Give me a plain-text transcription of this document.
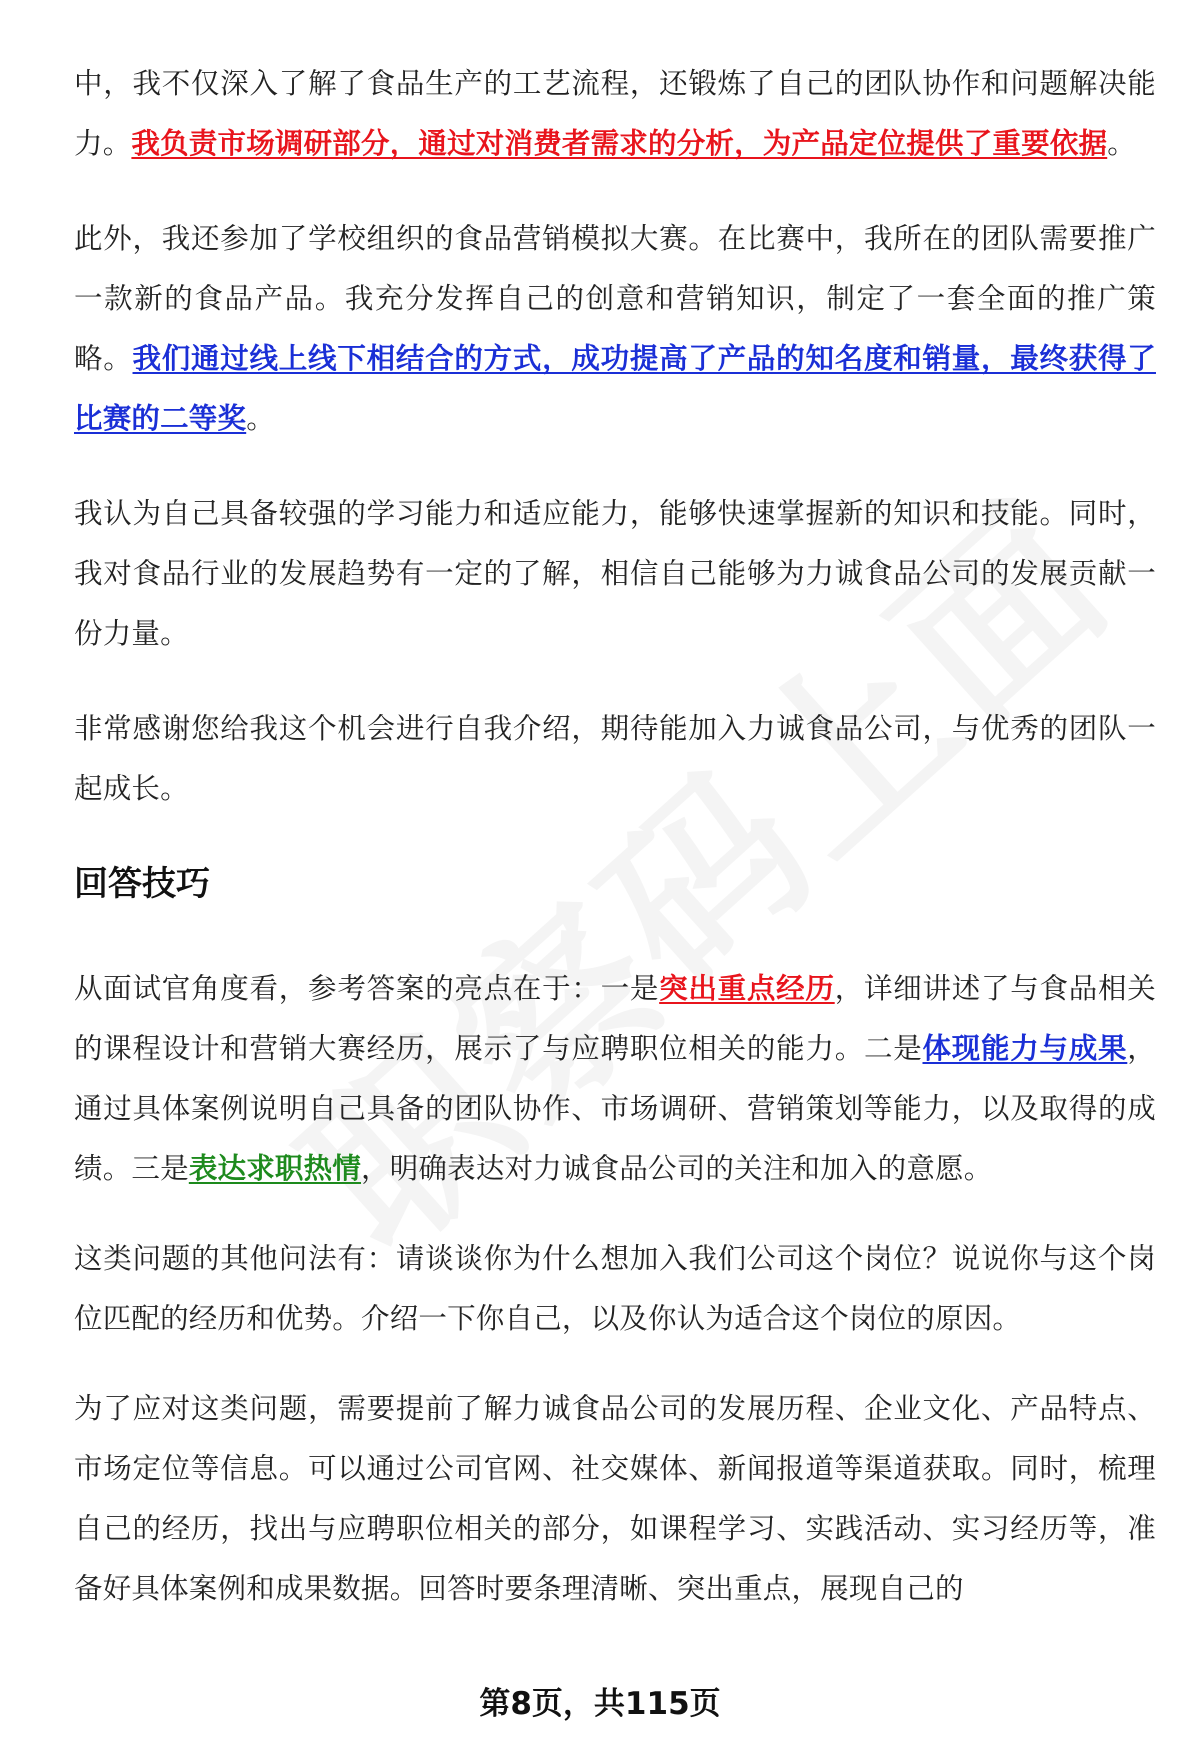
中，我不仅深入了解了食品生产的工艺流程，还锻炼了自己的团队协作和问题解决能力。我负责市场调研部分，通过对消费者需求的分析，为产品定位提供了重要依据。

此外，我还参加了学校组织的食品营销模拟大赛。在比赛中，我所在的团队需要推广一款新的食品产品。我充分发挥自己的创意和营销知识，制定了一套全面的推广策略。我们通过线上线下相结合的方式，成功提高了产品的知名度和销量，最终获得了比赛的二等奖。

我认为自己具备较强的学习能力和适应能力，能够快速掌握新的知识和技能。同时，我对食品行业的发展趋势有一定的了解，相信自己能够为力诚食品公司的发展贡献一份力量。

非常感谢您给我这个机会进行自我介绍，期待能加入力诚食品公司，与优秀的团队一起成长。

回答技巧

从面试官角度看，参考答案的亮点在于：一是突出重点经历，详细讲述了与食品相关的课程设计和营销大赛经历，展示了与应聘职位相关的能力。二是体现能力与成果，通过具体案例说明自己具备的团队协作、市场调研、营销策划等能力，以及取得的成绩。三是表达求职热情，明确表达对力诚食品公司的关注和加入的意愿。

这类问题的其他问法有：请谈谈你为什么想加入我们公司这个岗位？说说你与这个岗位匹配的经历和优势。介绍一下你自己，以及你认为适合这个岗位的原因。

为了应对这类问题，需要提前了解力诚食品公司的发展历程、企业文化、产品特点、市场定位等信息。可以通过公司官网、社交媒体、新闻报道等渠道获取。同时，梳理自己的经历，找出与应聘职位相关的部分，如课程学习、实践活动、实习经历等，准备好具体案例和成果数据。回答时要条理清晰、突出重点，展现自己的

第8页，共115页
